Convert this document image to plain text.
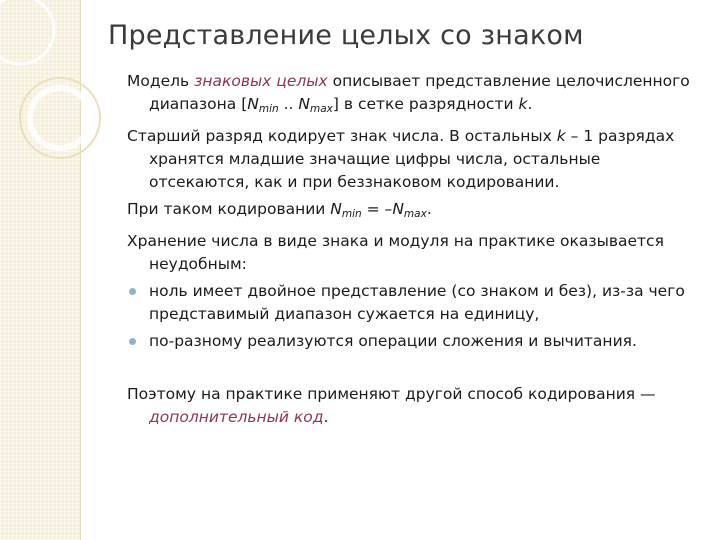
Представление целых со знаком

Модель знаковых целых описывает представление целочисленного диапазона [$N_{min}$ .. $N_{max}$] в сетке разрядности k.

Старший разряд кодирует знак числа. В остальных k – 1 разрядах хранятся младшие значащие цифры числа, остальные отсекаются, как и при беззнаковом кодировании.

При таком кодировании $N_{min} = -N_{max}$.

Хранение числа в виде знака и модуля на практике оказывается неудобным:

ноль имеет двойное представление (со знаком и без), из-за чего представимый диапазон сужается на единицу,
по-разному реализуются операции сложения и вычитания.

Поэтому на практике применяют другой способ кодирования — дополнительный код.
